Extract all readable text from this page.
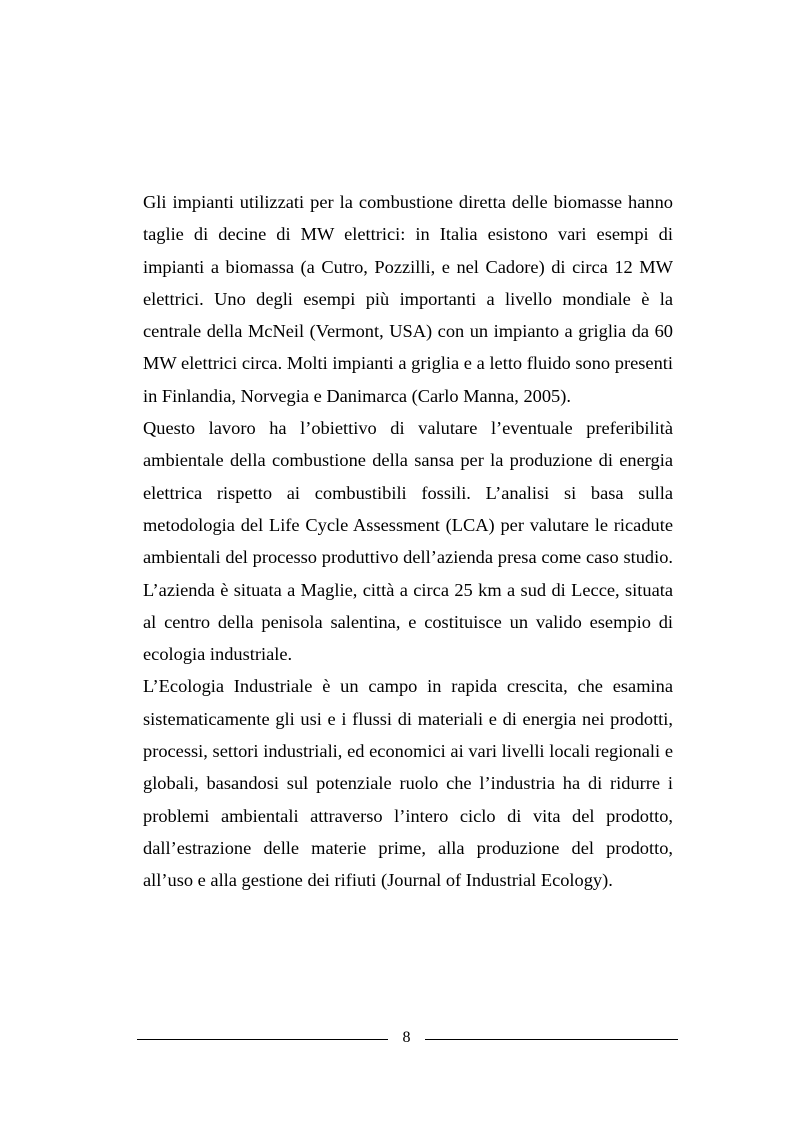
Gli impianti utilizzati per la combustione diretta delle biomasse hanno taglie di decine di MW elettrici: in Italia esistono vari esempi di impianti a biomassa (a Cutro, Pozzilli, e nel Cadore) di circa 12 MW elettrici. Uno degli esempi più importanti a livello mondiale è la centrale della McNeil (Vermont, USA) con un impianto a griglia da 60 MW elettrici circa. Molti impianti a griglia e a letto fluido sono presenti in Finlandia, Norvegia e Danimarca (Carlo Manna, 2005).

Questo lavoro ha l’obiettivo di valutare l’eventuale preferibilità ambientale della combustione della sansa per la produzione di energia elettrica rispetto ai combustibili fossili. L’analisi si basa sulla metodologia del Life Cycle Assessment (LCA) per valutare le ricadute ambientali del processo produttivo dell’azienda presa come caso studio. L’azienda è situata a Maglie, città a circa 25 km a sud di Lecce, situata al centro della penisola salentina, e costituisce un valido esempio di ecologia industriale.

L’Ecologia Industriale è un campo in rapida crescita, che esamina sistematicamente gli usi e i flussi di materiali e di energia nei prodotti, processi, settori industriali, ed economici ai vari livelli locali regionali e globali, basandosi sul potenziale ruolo che l’industria ha di ridurre i problemi ambientali attraverso l’intero ciclo di vita del prodotto, dall’estrazione delle materie prime, alla produzione del prodotto, all’uso e alla gestione dei rifiuti (Journal of Industrial Ecology).

8
